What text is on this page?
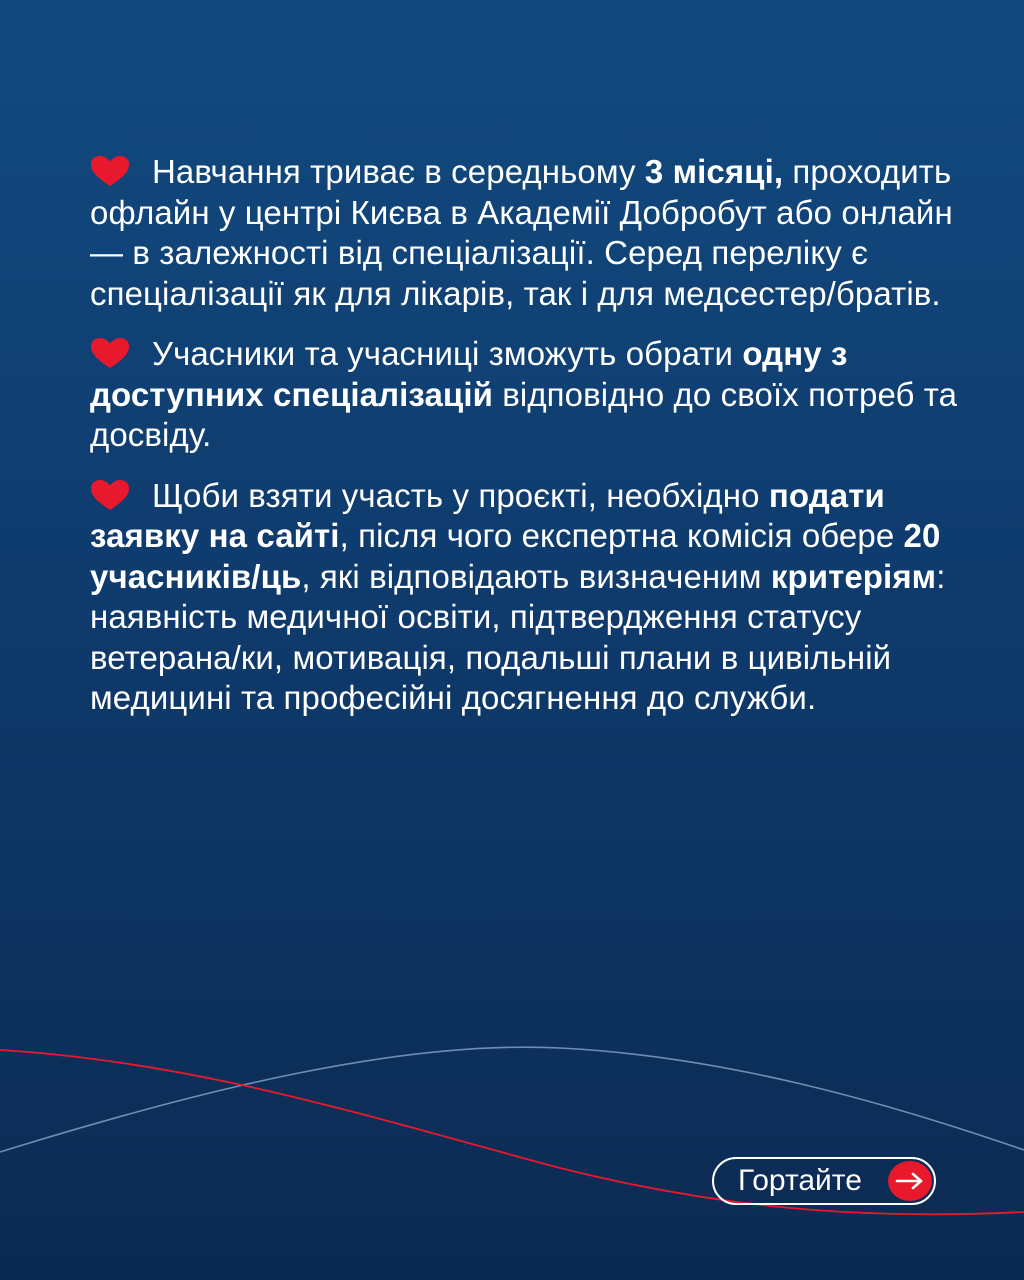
Навчання триває в середньому 3 місяці, проходить офлайн у центрі Києва в Академії Добробут або онлайн — в залежності від спеціалізації. Серед переліку є спеціалізації як для лікарів, так і для медсестер/братів.

Учасники та учасниці зможуть обрати одну з доступних спеціалізацій відповідно до своїх потреб та досвіду.

Щоби взяти участь у проєкті, необхідно подати заявку на сайті, після чого експертна комісія обере 20 учасників/ць, які відповідають визначеним критеріям: наявність медичної освіти, підтвердження статусу ветерана/ки, мотивація, подальші плани в цивільній медицині та професійні досягнення до служби.

Гортайте
